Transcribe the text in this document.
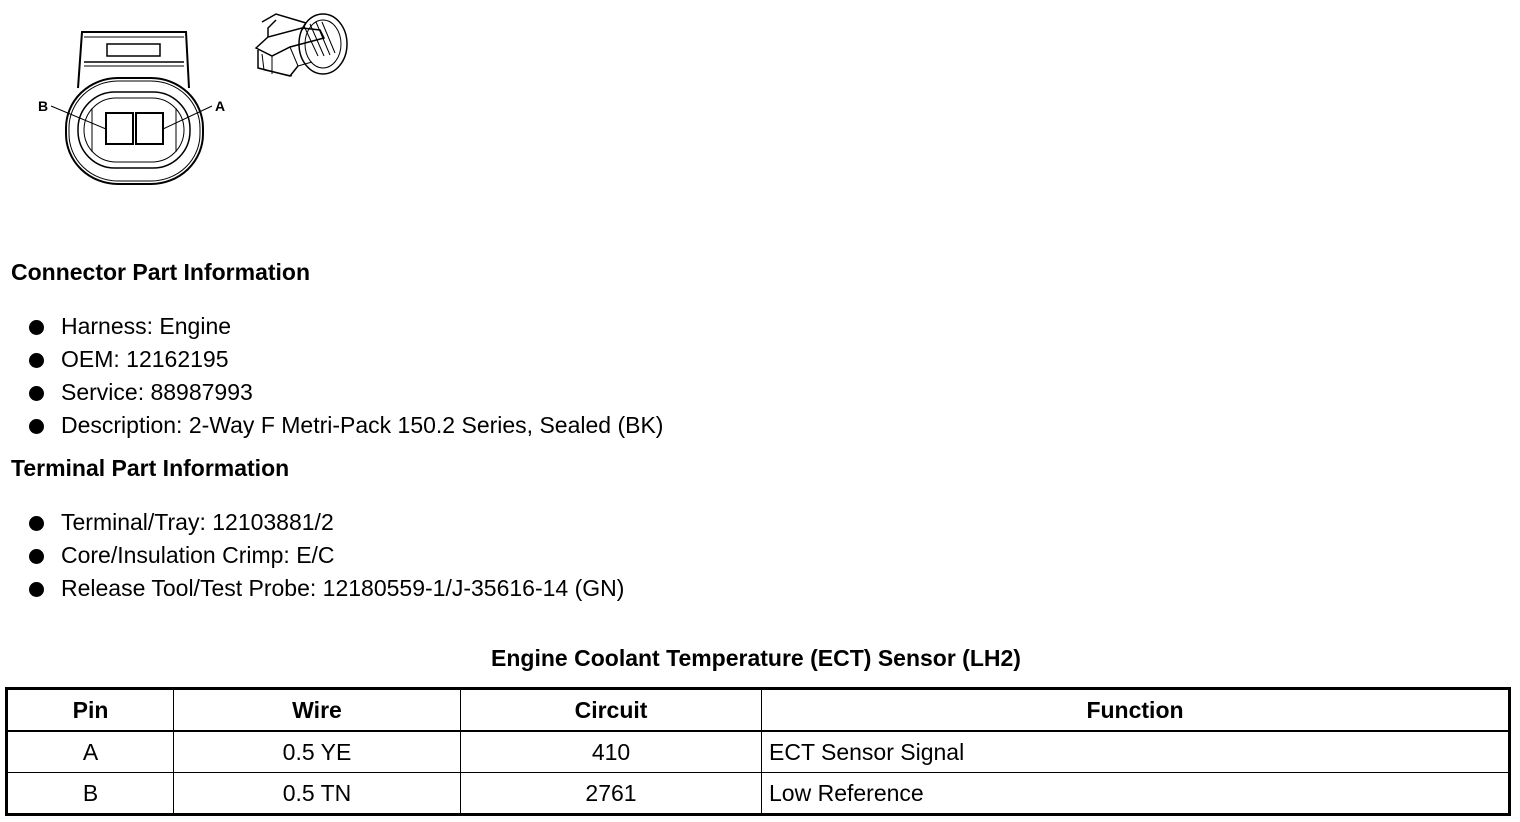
B	A
Connector Part Information
Harness: Engine
OEM: 12162195
Service: 88987993
Description: 2-Way F Metri-Pack 150.2 Series, Sealed (BK)
Terminal Part Information
Terminal/Tray: 12103881/2
Core/Insulation Crimp: E/C
Release Tool/Test Probe: 12180559-1/J-35616-14 (GN)
Engine Coolant Temperature (ECT) Sensor (LH2)
Pin	Wire	Circuit	Function
A	0.5 YE	410	ECT Sensor Signal
B	0.5 TN	2761	Low Reference
